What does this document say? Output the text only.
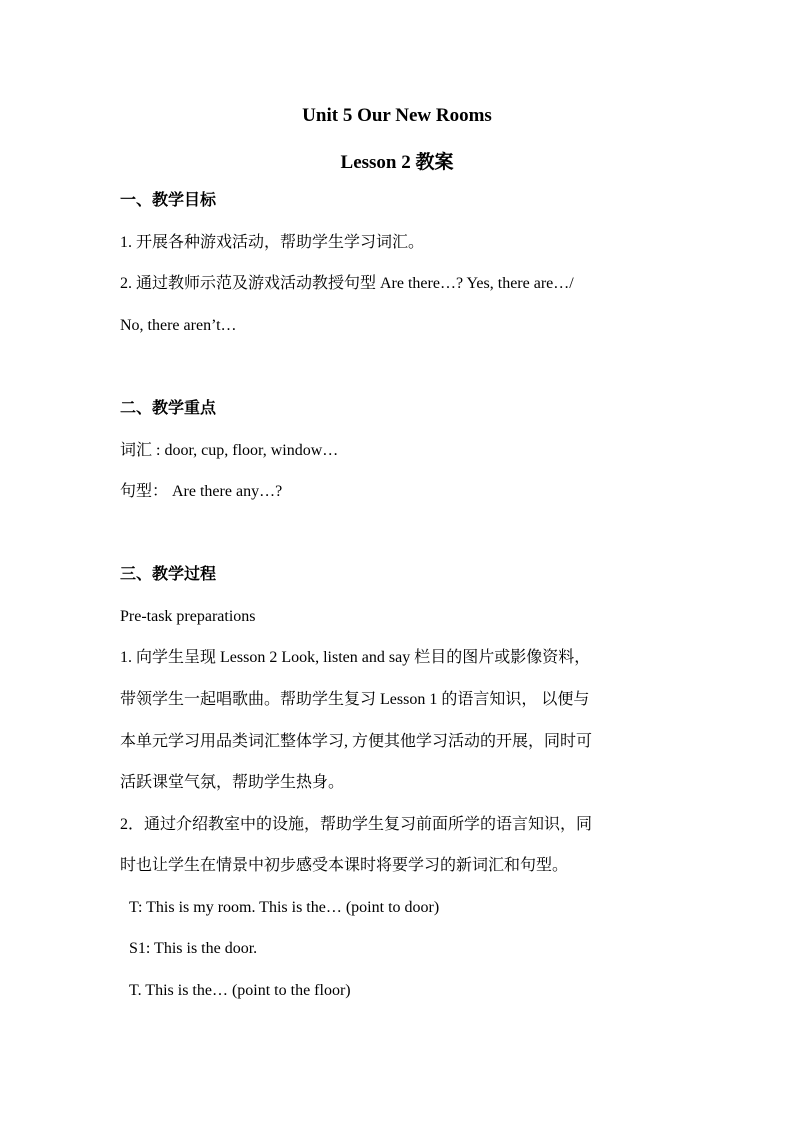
Unit 5 Our New Rooms
Lesson 2 教案
一、教学目标
1. 开展各种游戏活动，帮助学生学习词汇。
2. 通过教师示范及游戏活动教授句型 Are there…? Yes, there are…/
No, there aren’t…
二、教学重点
词汇 : door, cup, floor, window…
句型： Are there any…?
三、教学过程
Pre-task preparations
1. 向学生呈现 Lesson 2 Look, listen and say 栏目的图片或影像资料，
带领学生一起唱歌曲。帮助学生复习 Lesson 1 的语言知识， 以便与
本单元学习用品类词汇整体学习, 方便其他学习活动的开展，同时可
活跃课堂气氛，帮助学生热身。
2．通过介绍教室中的设施，帮助学生复习前面所学的语言知识，同
时也让学生在情景中初步感受本课时将要学习的新词汇和句型。
T: This is my room. This is the… (point to door)
S1: This is the door.
T. This is the… (point to the floor)
